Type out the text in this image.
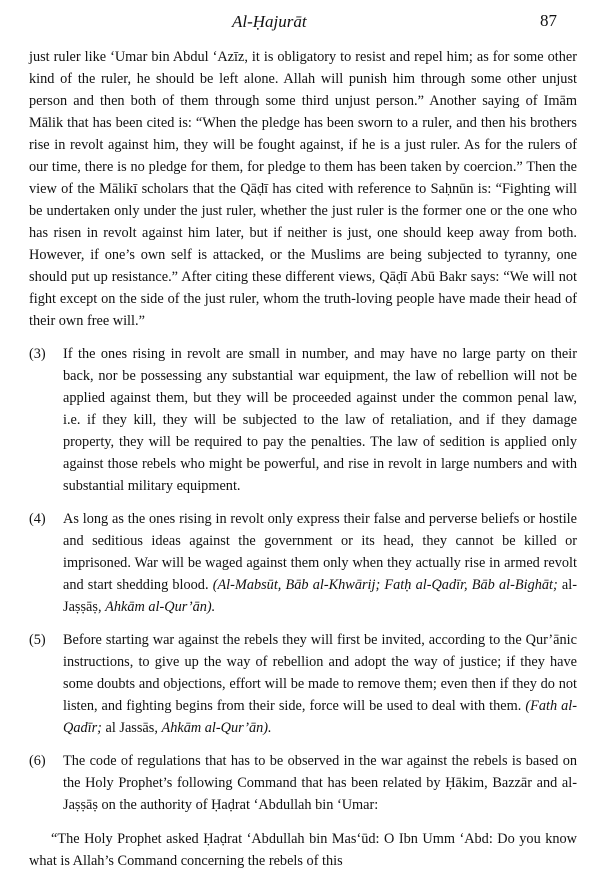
Al-Ḥajurāt	87

just ruler like ‘Umar bin Abdul ‘Azīz, it is obligatory to resist and repel him; as for some other kind of the ruler, he should be left alone. Allah will punish him through some other unjust person and then both of them through some third unjust person.” Another saying of Imām Mālik that has been cited is: “When the pledge has been sworn to a ruler, and then his brothers rise in revolt against him, they will be fought against, if he is a just ruler. As for the rulers of our time, there is no pledge for them, for pledge to them has been taken by coercion.” Then the view of the Mālikī scholars that the Qāḍī has cited with reference to Saḥnūn is: “Fighting will be undertaken only under the just ruler, whether the just ruler is the former one or the one who has risen in revolt against him later, but if neither is just, one should keep away from both. However, if one’s own self is attacked, or the Muslims are being subjected to tyranny, one should put up resistance.” After citing these different views, Qāḍī Abū Bakr says: “We will not fight except on the side of the just ruler, whom the truth-loving people have made their head of their own free will.”

(3)	If the ones rising in revolt are small in number, and may have no large party on their back, nor be possessing any substantial war equipment, the law of rebellion will not be applied against them, but they will be proceeded against under the common penal law, i.e. if they kill, they will be subjected to the law of retaliation, and if they damage property, they will be required to pay the penalties. The law of sedition is applied only against those rebels who might be powerful, and rise in revolt in large numbers and with substantial military equipment.
(4)	As long as the ones rising in revolt only express their false and perverse beliefs or hostile and seditious ideas against the government or its head, they cannot be killed or imprisoned. War will be waged against them only when they actually rise in armed revolt and start shedding blood. (Al-Mabsūt, Bāb al-Khwārij; Fatḥ al-Qadīr, Bāb al-Bighāt; al-Jaṣṣāṣ, Ahkām al-Qur’ān).
(5)	Before starting war against the rebels they will first be invited, according to the Qur’ānic instructions, to give up the way of rebellion and adopt the way of justice; if they have some doubts and objections, effort will be made to remove them; even then if they do not listen, and fighting begins from their side, force will be used to deal with them. (Fath al-Qadīr; al Jassās, Ahkām al-Qur’ān).
(6)	The code of regulations that has to be observed in the war against the rebels is based on the Holy Prophet’s following Command that has been related by Ḥākim, Bazzār and al-Jaṣṣāṣ on the authority of Ḥaḍrat ‘Abdullah bin ‘Umar:

“The Holy Prophet asked Ḥaḍrat ‘Abdullah bin Mas‘ūd: O Ibn Umm ‘Abd: Do you know what is Allah’s Command concerning the rebels of this
